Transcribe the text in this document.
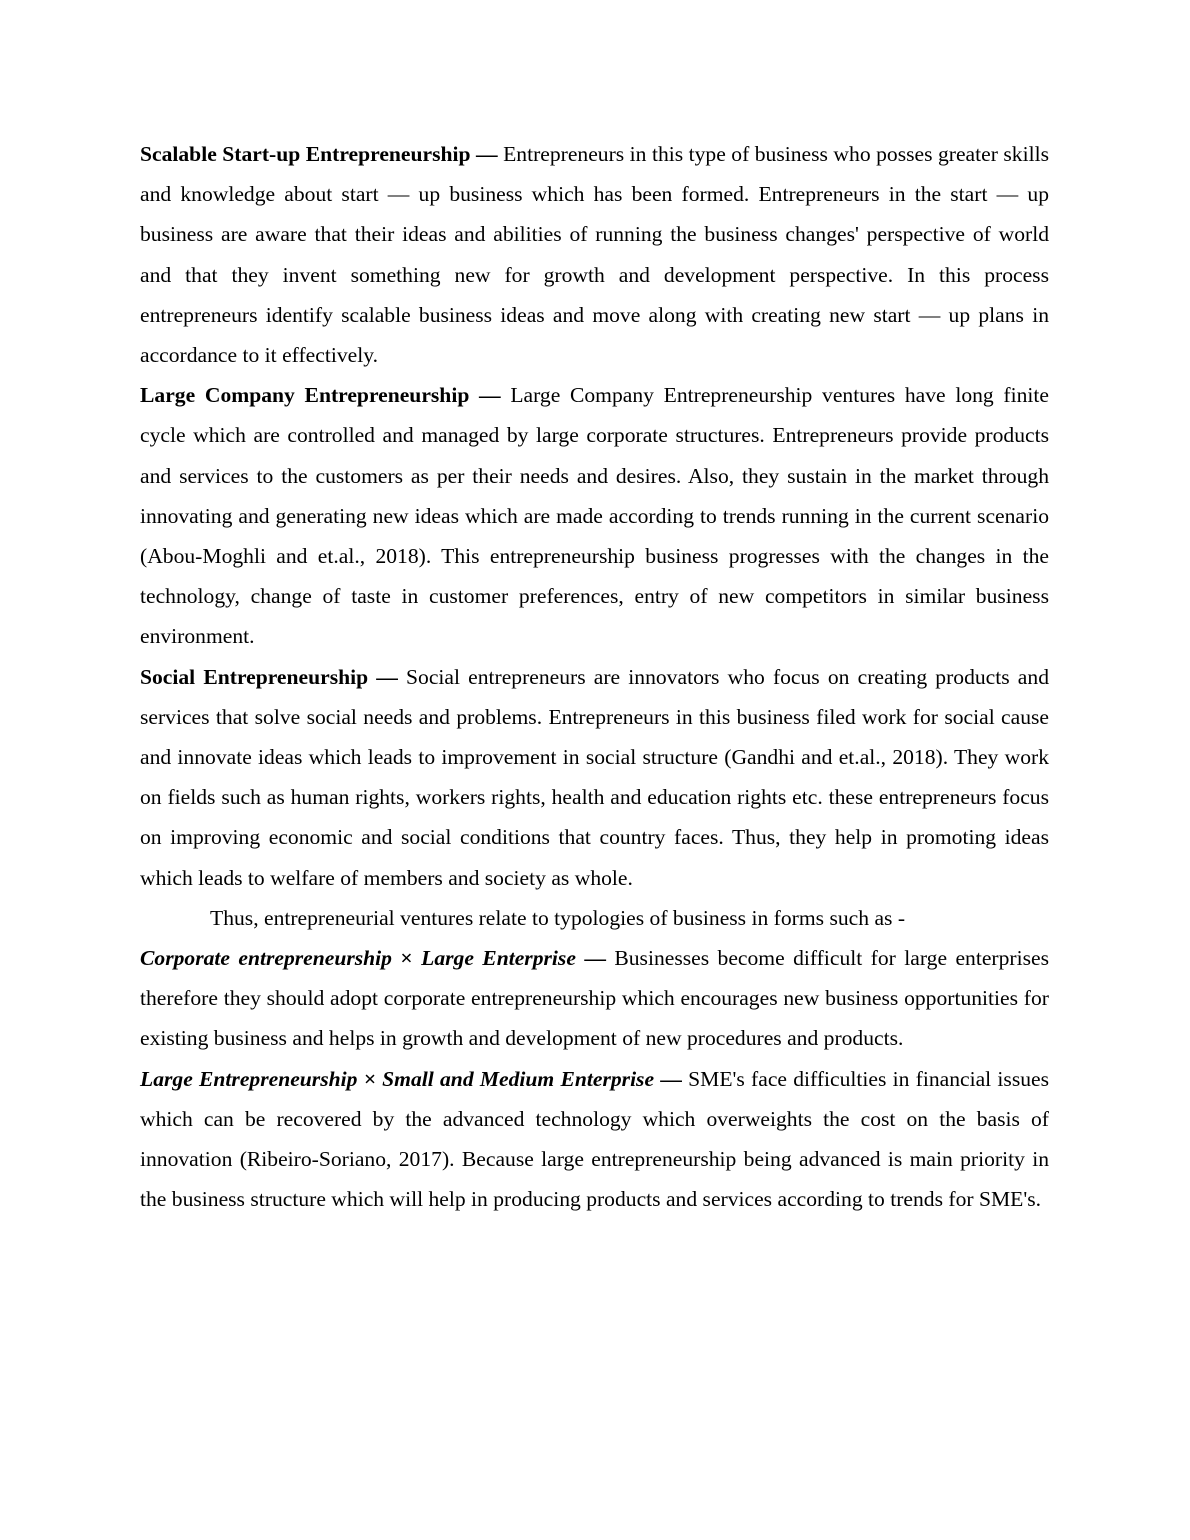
Scalable Start-up Entrepreneurship — Entrepreneurs in this type of business who posses greater skills and knowledge about start — up business which has been formed. Entrepreneurs in the start — up business are aware that their ideas and abilities of running the business changes' perspective of world and that they invent something new for growth and development perspective. In this process entrepreneurs identify scalable business ideas and move along with creating new start — up plans in accordance to it effectively.

Large Company Entrepreneurship — Large Company Entrepreneurship ventures have long finite cycle which are controlled and managed by large corporate structures. Entrepreneurs provide products and services to the customers as per their needs and desires. Also, they sustain in the market through innovating and generating new ideas which are made according to trends running in the current scenario (Abou-Moghli and et.al., 2018). This entrepreneurship business progresses with the changes in the technology, change of taste in customer preferences, entry of new competitors in similar business environment.

Social Entrepreneurship — Social entrepreneurs are innovators who focus on creating products and services that solve social needs and problems. Entrepreneurs in this business filed work for social cause and innovate ideas which leads to improvement in social structure (Gandhi and et.al., 2018). They work on fields such as human rights, workers rights, health and education rights etc. these entrepreneurs focus on improving economic and social conditions that country faces. Thus, they help in promoting ideas which leads to welfare of members and society as whole.

Thus, entrepreneurial ventures relate to typologies of business in forms such as -

Corporate entrepreneurship × Large Enterprise — Businesses become difficult for large enterprises therefore they should adopt corporate entrepreneurship which encourages new business opportunities for existing business and helps in growth and development of new procedures and products.

Large Entrepreneurship × Small and Medium Enterprise — SME's face difficulties in financial issues which can be recovered by the advanced technology which overweights the cost on the basis of innovation (Ribeiro-Soriano, 2017). Because large entrepreneurship being advanced is main priority in the business structure which will help in producing products and services according to trends for SME's.
